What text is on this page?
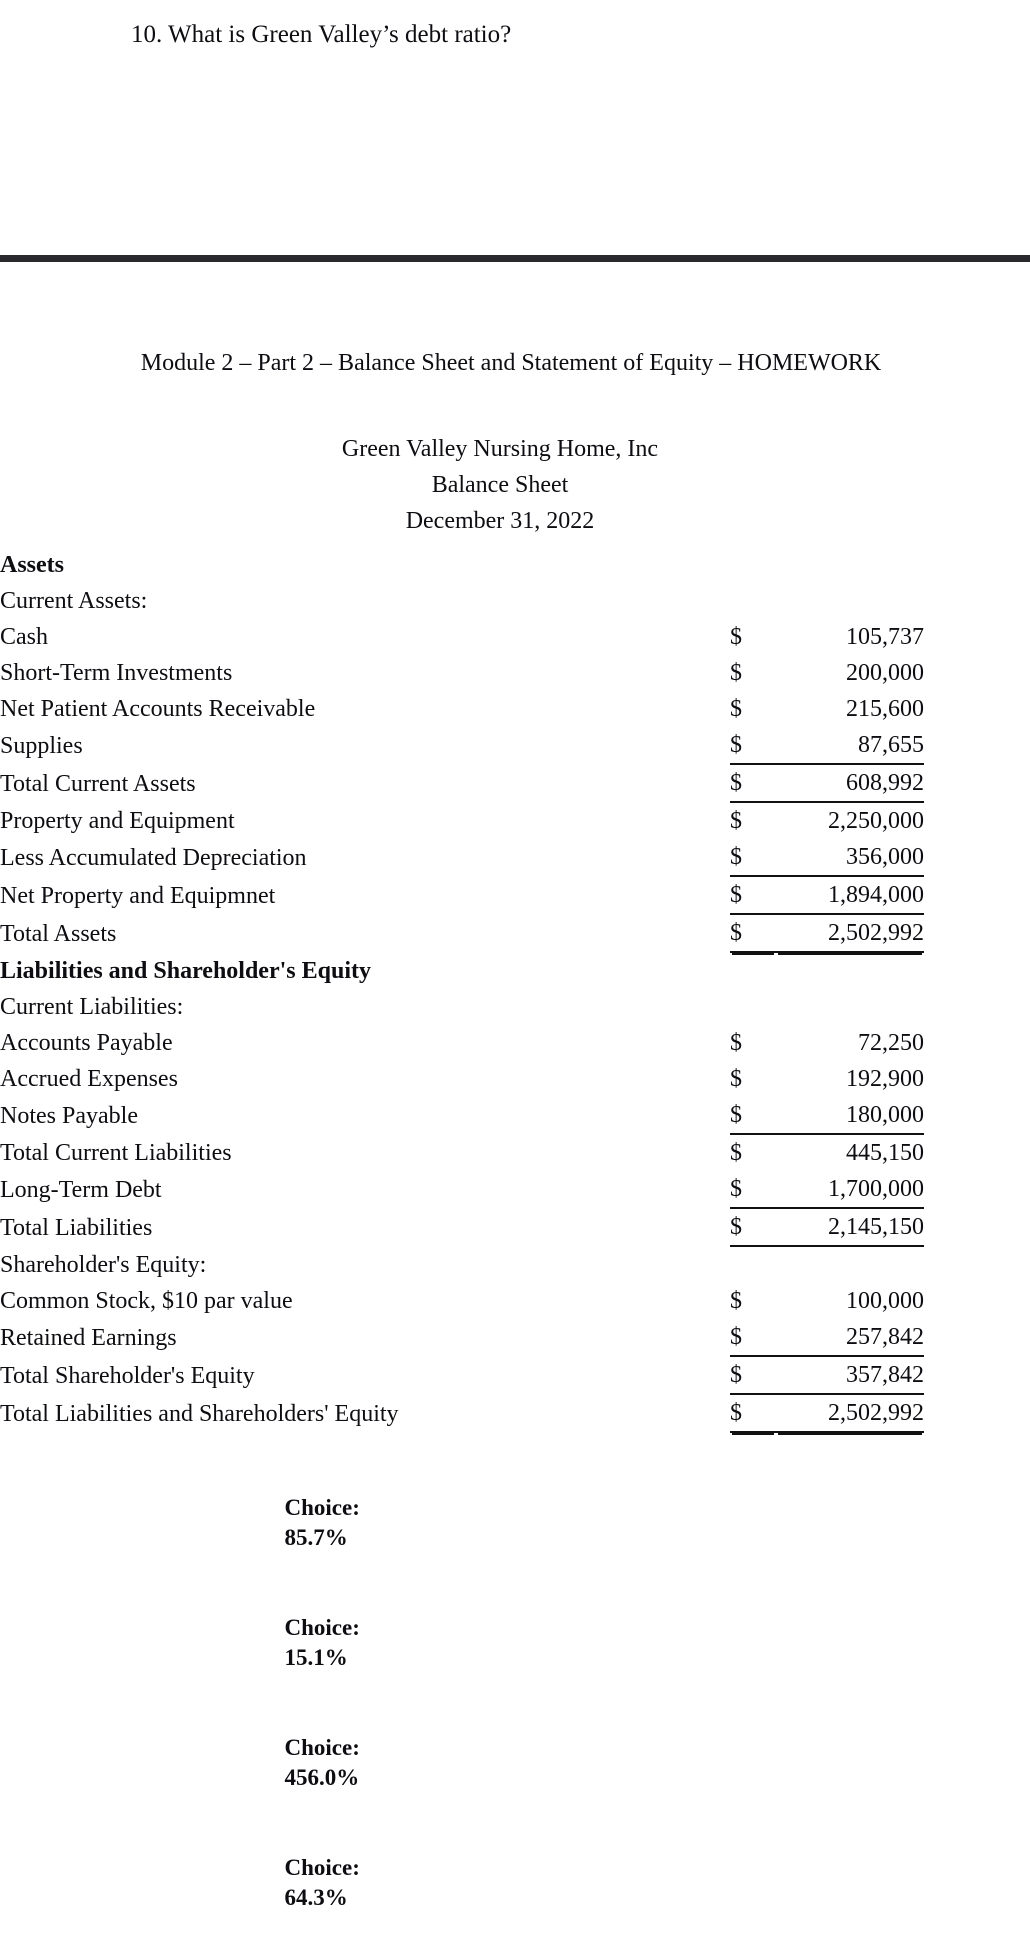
10. What is Green Valley’s debt ratio?
Module 2 – Part 2 – Balance Sheet and Statement of Equity – HOMEWORK
Green Valley Nursing Home, Inc
Balance Sheet
December 31, 2022
Assets				
Current Assets:				
Cash		$	105,737	
Short-Term Investments		$	200,000	
Net Patient Accounts Receivable		$	215,600	
Supplies		$	87,655	
Total Current Assets		$	608,992	
Property and Equipment		$	2,250,000	
Less Accumulated Depreciation		$	356,000	
Net Property and Equipmnet		$	1,894,000	
Total Assets		$	2,502,992	
Liabilities and Shareholder's Equity				
Current Liabilities:				
Accounts Payable		$	72,250	
Accrued Expenses		$	192,900	
Notes Payable		$	180,000	
Total Current Liabilities		$	445,150	
Long-Term Debt		$	1,700,000	
Total Liabilities		$	2,145,150	
Shareholder's Equity:				
Common Stock, $10 par value		$	100,000	
Retained Earnings		$	257,842	
Total Shareholder's Equity		$	357,842	
Total Liabilities and Shareholders' Equity		$	2,502,992	

Choice:
85.7%

Choice:
15.1%

Choice:
456.0%

Choice:
64.3%
